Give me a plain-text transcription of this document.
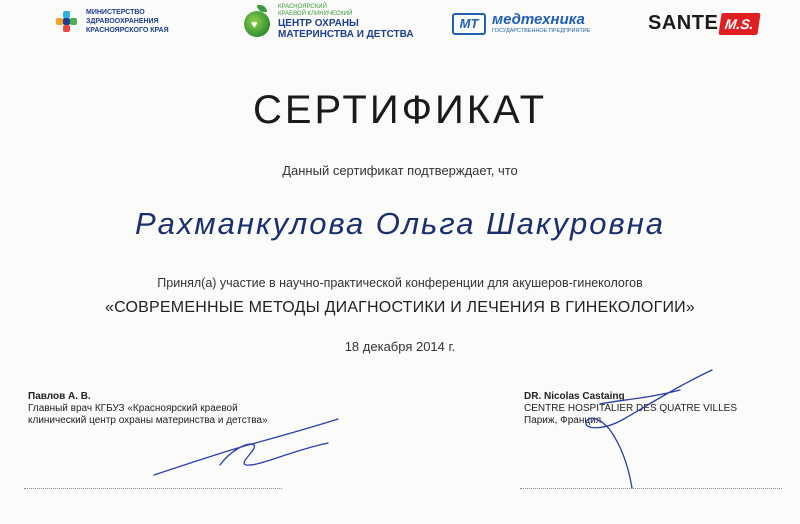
МИНИСТЕРСТВО
ЗДРАВООХРАНЕНИЯ
КРАСНОЯРСКОГО КРАЯ	♥
КРАСНОЯРСКИЙ
КРАЕВОЙ КЛИНИЧЕСКИЙ
ЦЕНТР ОХРАНЫ
МАТЕРИНСТВА И ДЕТСТВА
MT медтехника
ГОСУДАРСТВЕННОЕ ПРЕДПРИЯТИЕ	SANTE M.S.
СЕРТИФИКАТ
Данный сертификат подтверждает, что
Рахманкулова Ольга Шакуровна
Принял(а) участие в научно-практической конференции для акушеров-гинекологов
«СОВРЕМЕННЫЕ МЕТОДЫ ДИАГНОСТИКИ И ЛЕЧЕНИЯ В ГИНЕКОЛОГИИ»
18 декабря 2014 г.
Павлов А. В.
Главный врач КГБУЗ «Красноярский краевой
клинический центр охраны материнства и детства»
DR. Nicolas Castaing
CENTRE HOSPITALIER DES QUATRE VILLES
Париж, Франция
